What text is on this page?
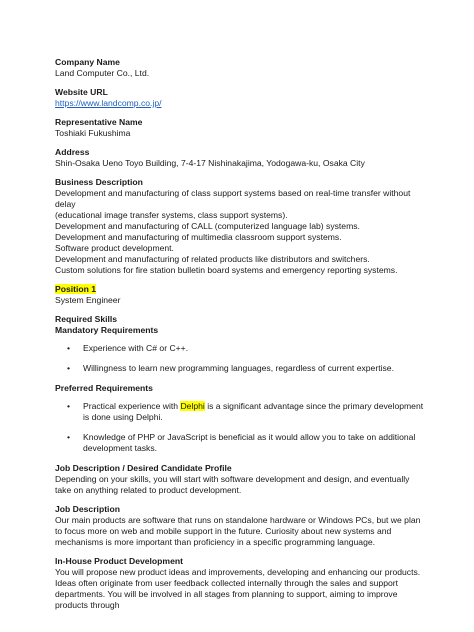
Company Name

Land Computer Co., Ltd.

Website URL

https://www.landcomp.co.jp/

Representative Name

Toshiaki Fukushima

Address

Shin-Osaka Ueno Toyo Building, 7-4-17 Nishinakajima, Yodogawa-ku, Osaka City

Business Description

Development and manufacturing of class support systems based on real-time transfer without delay

(educational image transfer systems, class support systems).

Development and manufacturing of CALL (computerized language lab) systems.

Development and manufacturing of multimedia classroom support systems.

Software product development.

Development and manufacturing of related products like distributors and switchers.

Custom solutions for fire station bulletin board systems and emergency reporting systems.

Position 1

System Engineer

Required Skills

Mandatory Requirements

• Experience with C# or C++.
• Willingness to learn new programming languages, regardless of current expertise.

Preferred Requirements

• Practical experience with Delphi is a significant advantage since the primary development is done using Delphi.
• Knowledge of PHP or JavaScript is beneficial as it would allow you to take on additional development tasks.

Job Description / Desired Candidate Profile

Depending on your skills, you will start with software development and design, and eventually take on anything related to product development.

Job Description

Our main products are software that runs on standalone hardware or Windows PCs, but we plan to focus more on web and mobile support in the future. Curiosity about new systems and mechanisms is more important than proficiency in a specific programming language.

In-House Product Development

You will propose new product ideas and improvements, developing and enhancing our products. Ideas often originate from user feedback collected internally through the sales and support departments. You will be involved in all stages from planning to support, aiming to improve products through
